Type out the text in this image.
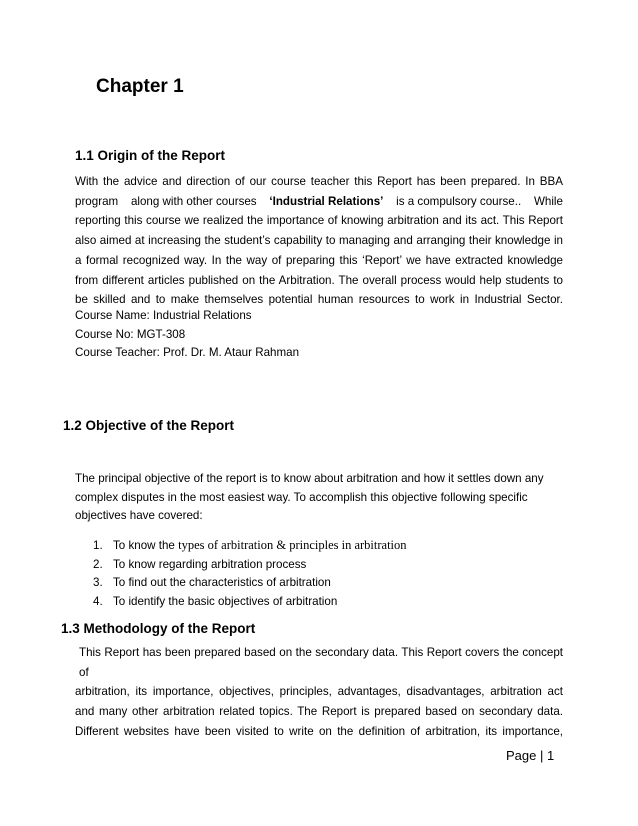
Chapter 1
1.1 Origin of the Report
With the advice and direction of our course teacher this Report has been prepared. In BBA
program along with other courses ‘Industrial Relations’ is a compulsory course.. While
reporting this course we realized the importance of knowing arbitration and its act. This Report
also aimed at increasing the student’s capability to managing and arranging their knowledge in
a formal recognized way. In the way of preparing this ‘Report’ we have extracted knowledge
from different articles published on the Arbitration. The overall process would help students to
be skilled and to make themselves potential human resources to work in Industrial Sector.
Course Name: Industrial Relations
Course No: MGT-308
Course Teacher: Prof. Dr. M. Ataur Rahman
1.2 Objective of the Report
The principal objective of the report is to know about arbitration and how it settles down any
complex disputes in the most easiest way. To accomplish this objective following specific
objectives have covered:
1. To know the types of arbitration & principles in arbitration
2. To know regarding arbitration process
3. To find out the characteristics of arbitration
4. To identify the basic objectives of arbitration
1.3 Methodology of the Report
This Report has been prepared based on the secondary data. This Report covers the concept of
arbitration, its importance, objectives, principles, advantages, disadvantages, arbitration act
and many other arbitration related topics. The Report is prepared based on secondary data.
Different websites have been visited to write on the definition of arbitration, its importance,
Page | 1
